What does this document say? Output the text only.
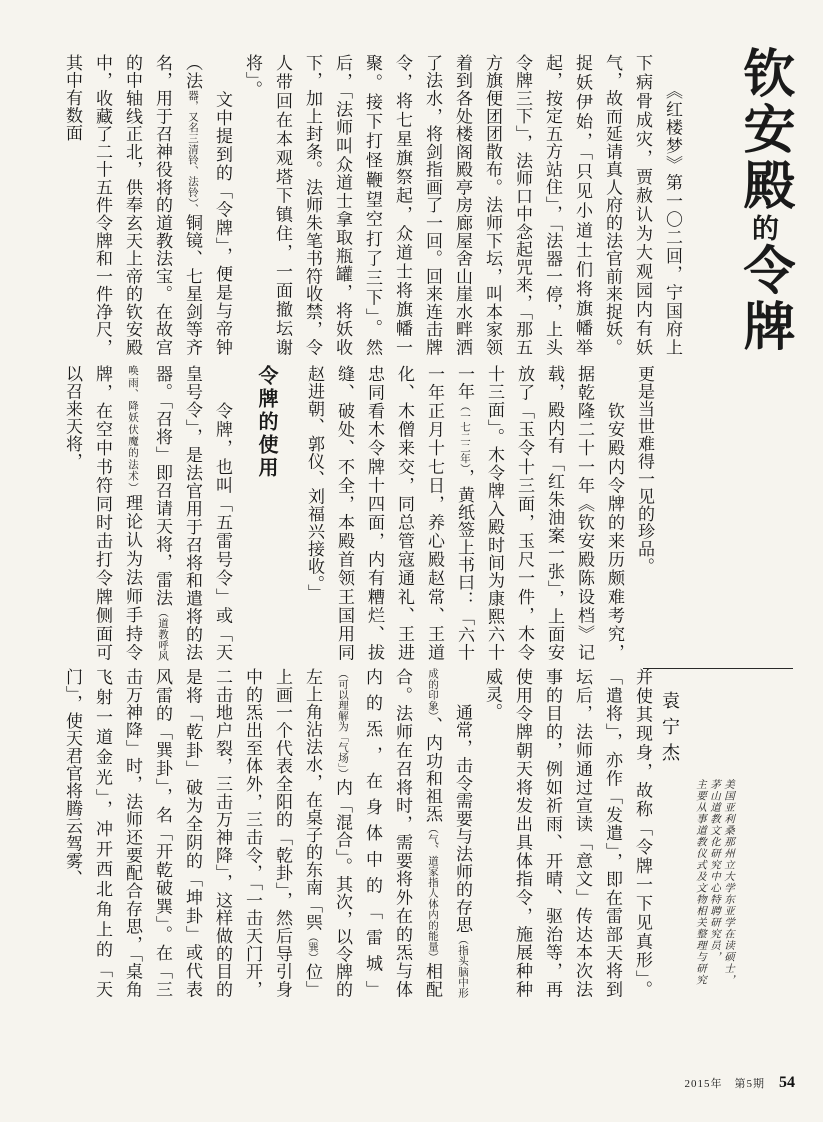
钦安殿的令牌

　　《红楼梦》第一〇二回，宁国府上下病骨成灾，贾赦认为大观园内有妖气，故而延请真人府的法官前来捉妖。捉妖伊始，「只见小道士们将旗幡举起，按定五方站住」，「法器一停，上头令牌三下」，法师口中念起咒来，「那五方旗便团团散布。法师下坛，叫本家领着到各处楼阁殿亭房廊屋舍山崖水畔洒了法水，将剑指画了一回。回来连击牌令，将七星旗祭起，众道士将旗幡一聚。接下打怪鞭望空打了三下」。然后，「法师叫众道士拿取瓶罐，将妖收下，加上封条。法师朱笔书符收禁，令人带回在本观塔下镇住，一面撤坛谢将」。

　　文中提到的「令牌」，便是与帝钟（法器，又名三清铃、法铃）、铜镜、七星剑等齐名，用于召神役将的道教法宝。在故宫的中轴线正北，供奉玄天上帝的钦安殿中，收藏了二十五件令牌和一件净尺，其中有数面

更是当世难得一见的珍品。

　　钦安殿内令牌的来历颇难考究，据乾隆二十一年《钦安殿陈设档》记载，殿内有「红朱油案一张」，上面安放了「玉令十三面，玉尺一件，木令十三面」。木令牌入殿时间为康熙六十一年（一七二二年），黄纸签上书曰：「六十一年正月十七日，养心殿赵常、王道化、木僧来交，同总管寇通礼、王进忠同看木令牌十四面，内有糟烂、拔缝、破处、不全，本殿首领王国用同赵进朝、郭仪、刘福兴接收。」

令牌的使用

　　令牌，也叫「五雷号令」或「天皇号令」，是法官用于召将和遣将的法器。「召将」即召请天将，雷法（道教呼风唤雨、降妖伏魔的法术）理论认为法师手持令牌，在空中书符同时击打令牌侧面可以召来天将，

并使其现身，故称「令牌一下见真形」。「遣将」，亦作「发遣」，即在雷部天将到坛后，法师通过宣读「意文」传达本次法事的目的，例如祈雨、开晴、驱治等，再使用令牌朝天将发出具体指令，施展种种威灵。

　　通常，击令需要与法师的存思（指头脑中形成的印象）、内功和祖炁（气、道家指人体内的能量）相配合。法师在召将时，需要将外在的炁与体内的炁，在身体中的「雷城」（可以理解为「气场」）内「混合」。其次，以令牌的左上角沾法水，在桌子的东南「巺（巽）位」上画一个代表全阳的「乾卦」，然后导引身中的炁出至体外，三击令，「一击天门开，二击地户裂，三击万神降」，这样做的目的是将「乾卦」破为全阴的「坤卦」或代表风雷的「巽卦」，名「开乾破巽」。在「三击万神降」时，法师还要配合存思，「桌角飞射一道金光」，冲开西北角上的「天门」，使天君官将腾云驾雾、	美国亚利桑那州立大学东亚学在读硕士，

茅山道教文化研究中心特聘研究员，

主要从事道教仪式及文物相关整理与研究

袁宁杰
2015年　第5期 54
